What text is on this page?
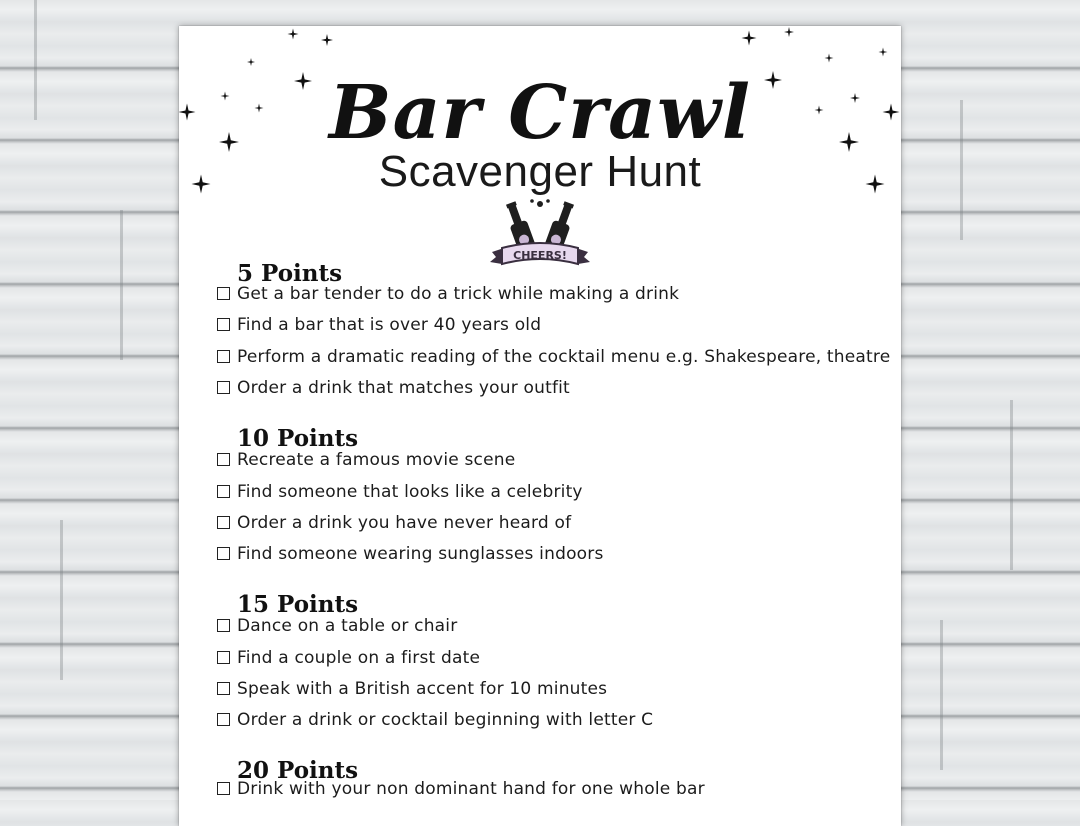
Bar Crawl
Scavenger Hunt
CHEERS!
5 Points
Get a bar tender to do a trick while making a drink
Find a bar that is over 40 years old
Perform a dramatic reading of the cocktail menu e.g. Shakespeare, theatre
Order a drink that matches your outfit
10 Points
Recreate a famous movie scene
Find someone that looks like a celebrity
Order a drink you have never heard of
Find someone wearing sunglasses indoors
15 Points
Dance on a table or chair
Find a couple on a first date
Speak with a British accent for 10 minutes
Order a drink or cocktail beginning with letter C
20 Points
Drink with your non dominant hand for one whole bar
